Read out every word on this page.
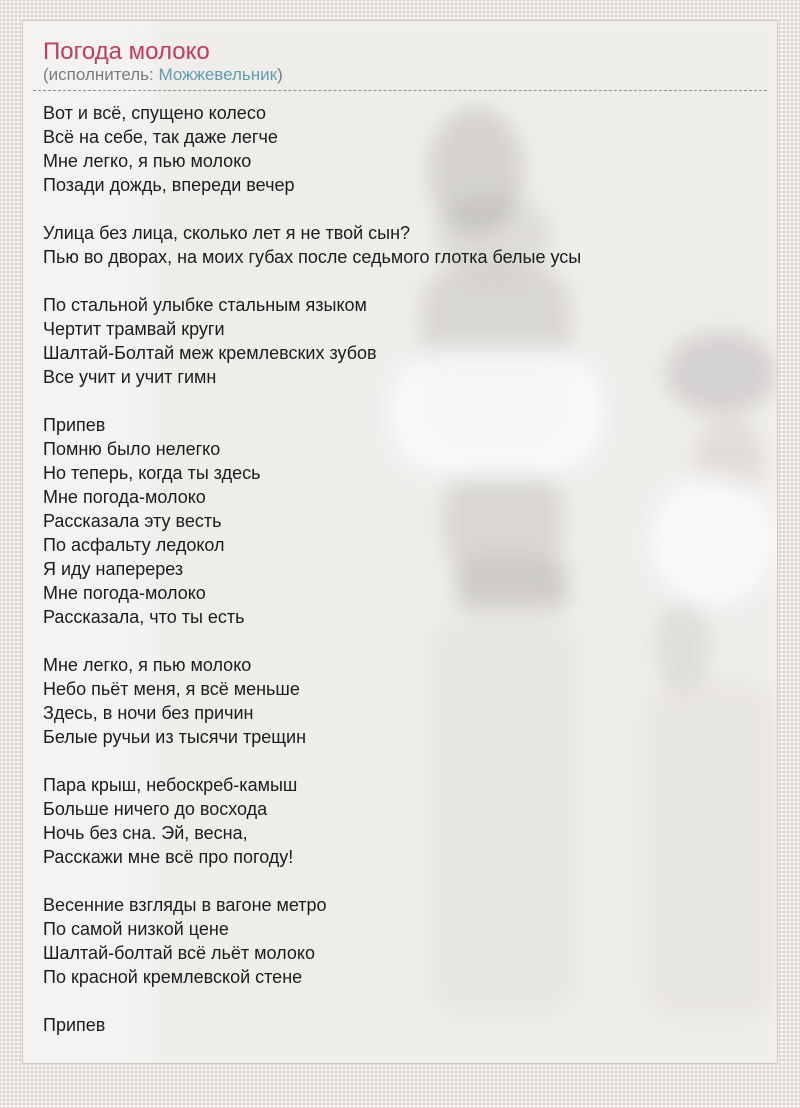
Погода молоко
(исполнитель: Можжевельник)
Вот и всё, спущено колесо
Всё на себе, так даже легче
Мне легко, я пью молоко
Позади дождь, впереди вечер

Улица без лица, сколько лет я не твой сын?
Пью во дворах, на моих губах после седьмого глотка белые усы

По стальной улыбке стальным языком
Чертит трамвай круги
Шалтай-Болтай меж кремлевских зубов
Все учит и учит гимн

Припев
Помню было нелегко
Но теперь, когда ты здесь
Мне погода-молоко
Рассказала эту весть
По асфальту ледокол
Я иду наперерез
Мне погода-молоко
Рассказала, что ты есть

Мне легко, я пью молоко
Небо пьёт меня, я всё меньше
Здесь, в ночи без причин
Белые ручьи из тысячи трещин

Пара крыш, небоскреб-камыш
Больше ничего до восхода
Ночь без сна. Эй, весна,
Расскажи мне всё про погоду!

Весенние взгляды в вагоне метро
По самой низкой цене
Шалтай-болтай всё льёт молоко
По красной кремлевской стене

Припев
